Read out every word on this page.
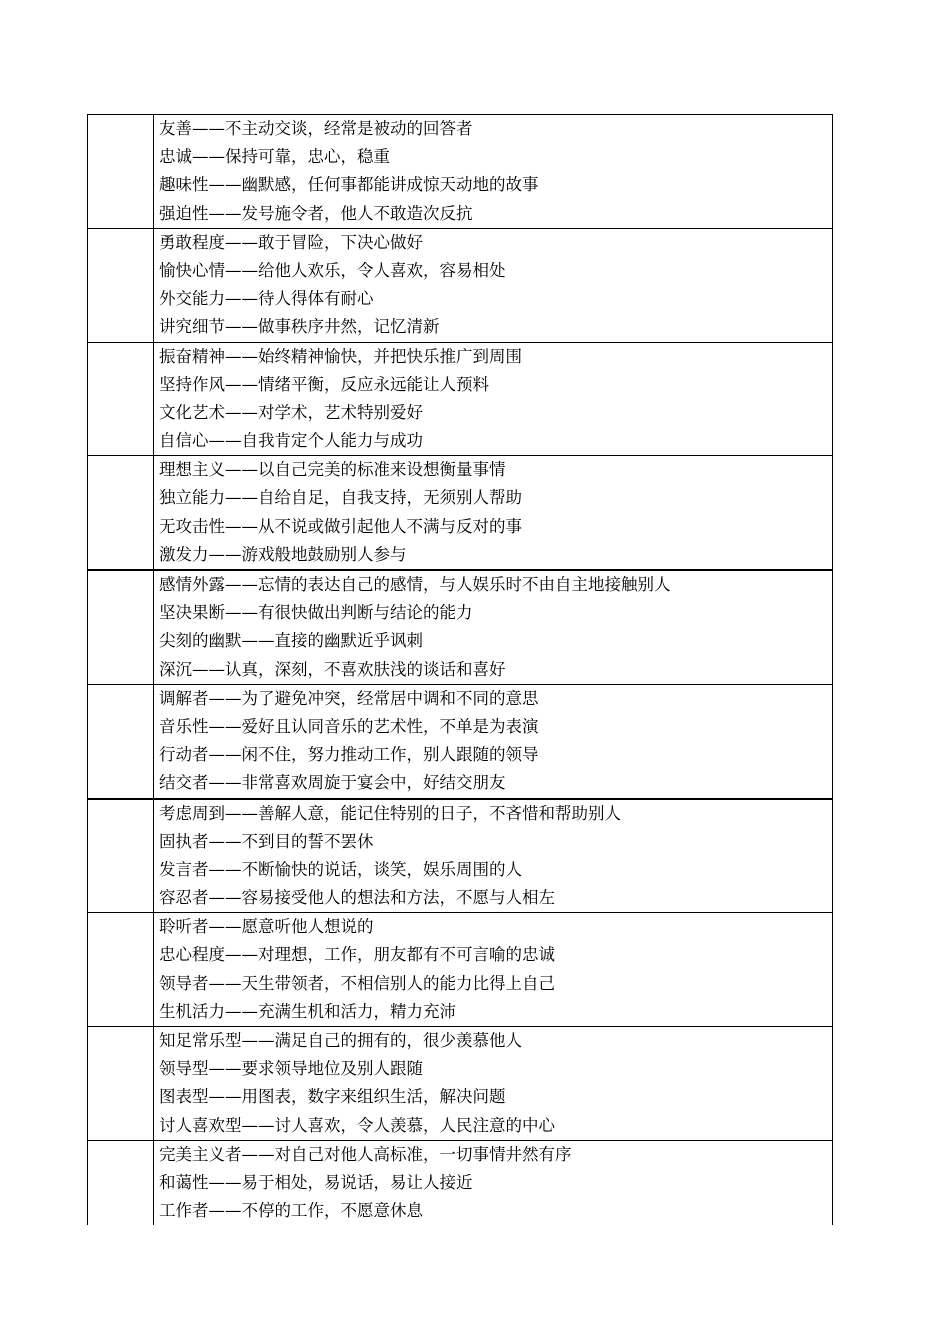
	友善——不主动交谈，经常是被动的回答者
忠诚——保持可靠，忠心，稳重
趣味性——幽默感，任何事都能讲成惊天动地的故事
强迫性——发号施令者，他人不敢造次反抗

	勇敢程度——敢于冒险，下决心做好
愉快心情——给他人欢乐，令人喜欢，容易相处
外交能力——待人得体有耐心
讲究细节——做事秩序井然，记忆清新

	振奋精神——始终精神愉快，并把快乐推广到周围
坚持作风——情绪平衡，反应永远能让人预料
文化艺术——对学术，艺术特别爱好
自信心——自我肯定个人能力与成功

	理想主义——以自己完美的标准来设想衡量事情
独立能力——自给自足，自我支持，无须别人帮助
无攻击性——从不说或做引起他人不满与反对的事
激发力——游戏般地鼓励别人参与

	感情外露——忘情的表达自己的感情，与人娱乐时不由自主地接触别人
坚决果断——有很快做出判断与结论的能力
尖刻的幽默——直接的幽默近乎讽刺
深沉——认真，深刻，不喜欢肤浅的谈话和喜好

	调解者——为了避免冲突，经常居中调和不同的意思
音乐性——爱好且认同音乐的艺术性，不单是为表演
行动者——闲不住，努力推动工作，别人跟随的领导
结交者——非常喜欢周旋于宴会中，好结交朋友

	考虑周到——善解人意，能记住特别的日子，不吝惜和帮助别人
固执者——不到目的誓不罢休
发言者——不断愉快的说话，谈笑，娱乐周围的人
容忍者——容易接受他人的想法和方法，不愿与人相左

	聆听者——愿意听他人想说的
忠心程度——对理想，工作，朋友都有不可言喻的忠诚
领导者——天生带领者，不相信别人的能力比得上自己
生机活力——充满生机和活力，精力充沛

	知足常乐型——满足自己的拥有的，很少羡慕他人
领导型——要求领导地位及别人跟随
图表型——用图表，数字来组织生活，解决问题
讨人喜欢型——讨人喜欢，令人羡慕，人民注意的中心

	完美主义者——对自己对他人高标准，一切事情井然有序
和蔼性——易于相处，易说话，易让人接近
工作者——不停的工作，不愿意休息
